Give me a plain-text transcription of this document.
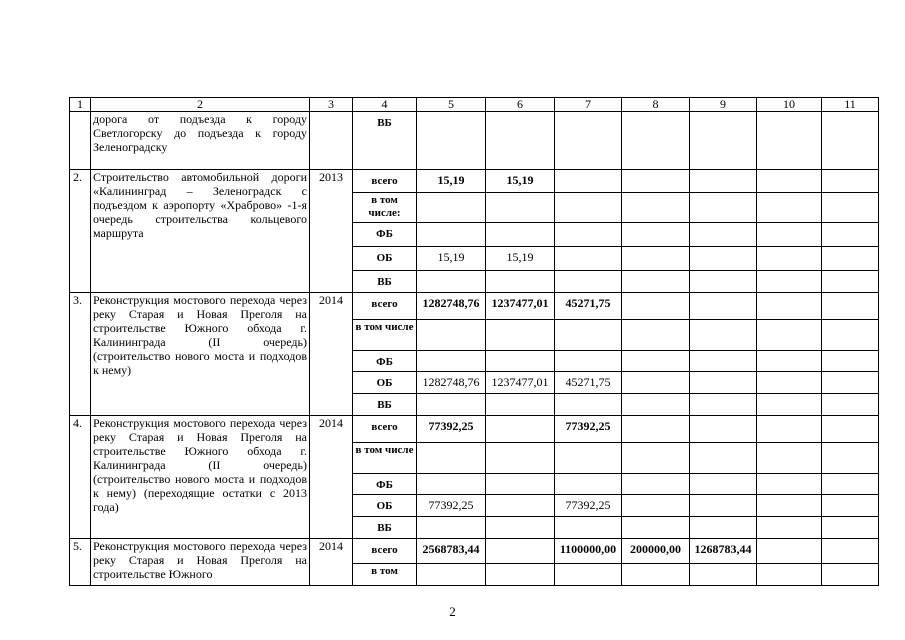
1	2	3	4	5	6	7	8	9	10	11
	дорога от подъезда к городу Светлогорску до подъезда к городу Зеленоградску		ВБ							

2.	Строительство автомобильной дороги «Калининград – Зеленоградск с подъездом к аэропорту «Храброво» -1-я очередь строительства кольцевого маршрута	2013	всего	15,19	15,19					

			в том числе:							

			ФБ							

			ОБ	15,19	15,19					

			ВБ							

3.	Реконструкция мостового перехода через реку Старая и Новая Преголя на строительстве Южного обхода г. Калининграда (II очередь) (строительство нового моста и подходов к нему)	2014	всего	1282748,76	1237477,01	45271,75				

			в том числе							

			ФБ							

			ОБ	1282748,76	1237477,01	45271,75				

			ВБ							

4.	Реконструкция мостового перехода через реку Старая и Новая Преголя на строительстве Южного обхода г. Калининграда (II очередь) (строительство нового моста и подходов к нему) (переходящие остатки с 2013 года)	2014	всего	77392,25		77392,25				

			в том числе							

			ФБ							

			ОБ	77392,25		77392,25				

			ВБ							

5.	Реконструкция мостового перехода через реку Старая и Новая Преголя на строительстве Южного	2014	всего	2568783,44		1100000,00	200000,00	1268783,44		

			в том							

2
